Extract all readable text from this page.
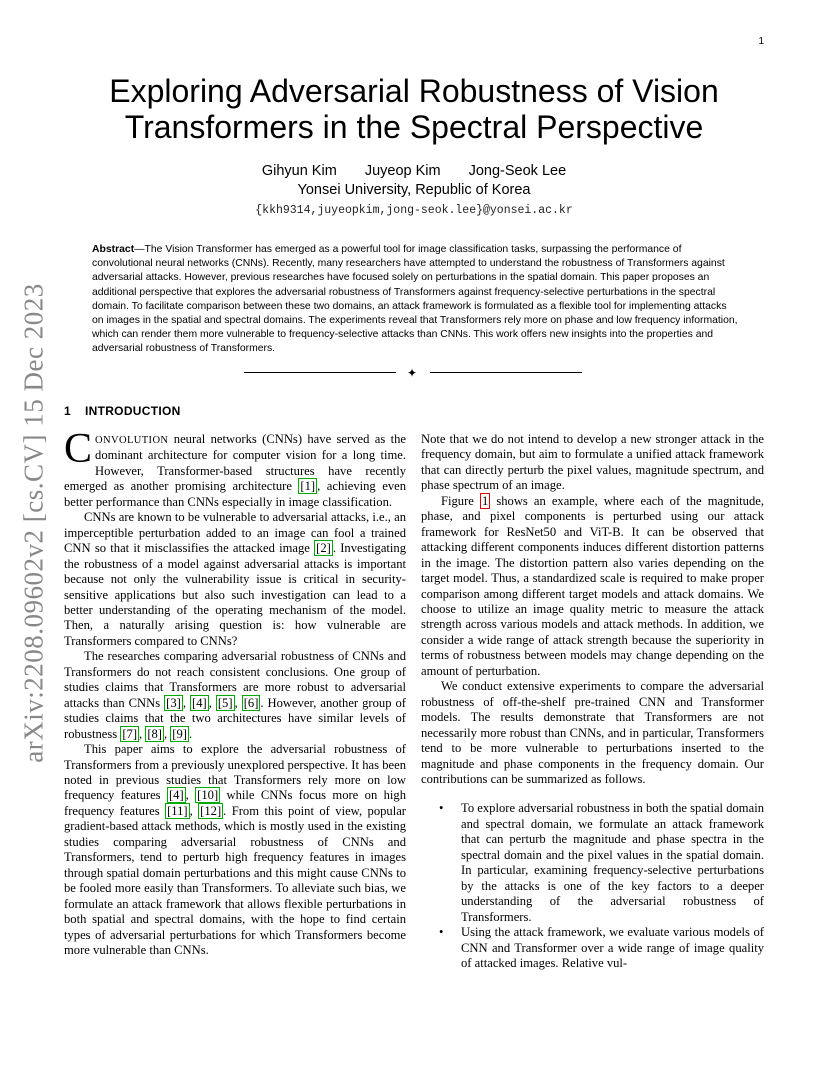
1
arXiv:2208.09602v2 [cs.CV] 15 Dec 2023
Exploring Adversarial Robustness of Vision
Transformers in the Spectral Perspective
Gihyun Kim Juyeop Kim Jong-Seok Lee
Yonsei University, Republic of Korea
{kkh9314,juyeopkim,jong-seok.lee}@yonsei.ac.kr
Abstract—The Vision Transformer has emerged as a powerful tool for image classification tasks, surpassing the performance of convolutional neural networks (CNNs). Recently, many researchers have attempted to understand the robustness of Transformers against adversarial attacks. However, previous researches have focused solely on perturbations in the spatial domain. This paper proposes an additional perspective that explores the adversarial robustness of Transformers against frequency-selective perturbations in the spectral domain. To facilitate comparison between these two domains, an attack framework is formulated as a flexible tool for implementing attacks on images in the spatial and spectral domains. The experiments reveal that Transformers rely more on phase and low frequency information, which can render them more vulnerable to frequency-selective attacks than CNNs. This work offers new insights into the properties and adversarial robustness of Transformers.
✦
1 INTRODUCTION

CONVOLUTION neural networks (CNNs) have served as the dominant architecture for computer vision for a long time. However, Transformer-based structures have recently emerged as another promising architecture [1] , achieving even better performance than CNNs especially in image classification.

CNNs are known to be vulnerable to adversarial attacks, i.e., an imperceptible perturbation added to an image can fool a trained CNN so that it misclassifies the attacked image [2] . Investigating the robustness of a model against adversarial attacks is important because not only the vulnerability issue is critical in security-sensitive applications but also such investigation can lead to a better understanding of the operating mechanism of the model. Then, a naturally arising question is: how vulnerable are Transformers compared to CNNs?

The researches comparing adversarial robustness of CNNs and Transformers do not reach consistent conclusions. One group of studies claims that Transformers are more robust to adversarial attacks than CNNs [3] , [4] , [5] , [6] . However, another group of studies claims that the two architectures have similar levels of robustness [7] , [8] , [9] .

This paper aims to explore the adversarial robustness of Transformers from a previously unexplored perspective. It has been noted in previous studies that Transformers rely more on low frequency features [4] , [10] while CNNs focus more on high frequency features [11] , [12] . From this point of view, popular gradient-based attack methods, which is mostly used in the existing studies comparing adversarial robustness of CNNs and Transformers, tend to perturb high frequency features in images through spatial domain perturbations and this might cause CNNs to be fooled more easily than Transformers. To alleviate such bias, we formulate an attack framework that allows flexible perturbations in both spatial and spectral domains, with the hope to find certain types of adversarial perturbations for which Transformers become more vulnerable than CNNs.

Note that we do not intend to develop a new stronger attack in the frequency domain, but aim to formulate a unified attack framework that can directly perturb the pixel values, magnitude spectrum, and phase spectrum of an image.

Figure 1 shows an example, where each of the magnitude, phase, and pixel components is perturbed using our attack framework for ResNet50 and ViT-B. It can be observed that attacking different components induces different distortion patterns in the image. The distortion pattern also varies depending on the target model. Thus, a standardized scale is required to make proper comparison among different target models and attack domains. We choose to utilize an image quality metric to measure the attack strength across various models and attack methods. In addition, we consider a wide range of attack strength because the superiority in terms of robustness between models may change depending on the amount of perturbation.

We conduct extensive experiments to compare the adversarial robustness of off-the-shelf pre-trained CNN and Transformer models. The results demonstrate that Transformers are not necessarily more robust than CNNs, and in particular, Transformers tend to be more vulnerable to perturbations inserted to the magnitude and phase components in the frequency domain. Our contributions can be summarized as follows.

• To explore adversarial robustness in both the spatial domain and spectral domain, we formulate an attack framework that can perturb the magnitude and phase spectra in the spectral domain and the pixel values in the spatial domain. In particular, examining frequency-selective perturbations by the attacks is one of the key factors to a deeper understanding of the adversarial robustness of Transformers.
• Using the attack framework, we evaluate various models of CNN and Transformer over a wide range of image quality of attacked images. Relative vul-
